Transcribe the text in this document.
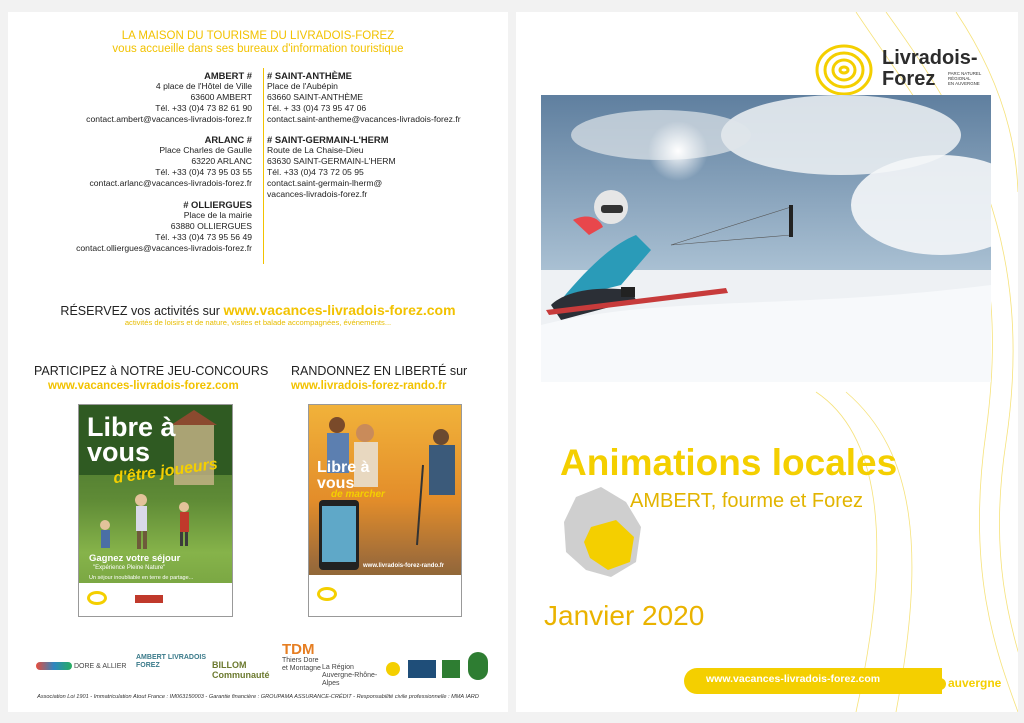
LA MAISON DU TOURISME DU LIVRADOIS-FOREZ
vous accueille dans ses bureaux d'information touristique
AMBERT #
4 place de l'Hôtel de Ville
63600 AMBERT
Tél. +33 (0)4 73 82 61 90
contact.ambert@vacances-livradois-forez.fr
ARLANC #
Place Charles de Gaulle
63220 ARLANC
Tél. +33 (0)4 73 95 03 55
contact.arlanc@vacances-livradois-forez.fr
# OLLIERGUES
Place de la mairie
63880 OLLIERGUES
Tél. +33 (0)4 73 95 56 49
contact.olliergues@vacances-livradois-forez.fr
# SAINT-ANTHÈME
Place de l'Aubépin
63660 SAINT-ANTHÈME
Tél. + 33 (0)4 73 95 47 06
contact.saint-antheme@vacances-livradois-forez.fr
# SAINT-GERMAIN-L'HERM
Route de La Chaise-Dieu
63630 SAINT-GERMAIN-L'HERM
Tél. +33 (0)4 73 72 05 95
contact.saint-germain-lherm@
vacances-livradois-forez.fr
RÉSERVEZ vos activités sur www.vacances-livradois-forez.com
activités de loisirs et de nature, visites et balade accompagnées, événements...
PARTICIPEZ à NOTRE JEU-CONCOURS
www.vacances-livradois-forez.com
RANDONNEZ EN LIBERTÉ sur
www.livradois-forez-rando.fr
Libre à
vous
d'être joueurs
Gagnez votre séjour
"Expérience Pleine Nature"
Un séjour inoubliable en terre de partage...
Libre à
vous
de marcher
www.livradois-forez-rando.fr
DORE & ALLIER
AMBERT LIVRADOIS FOREZ	BILLOM Communauté
TDM
Thiers Dore et Montagne La Région Auvergne-Rhône-Alpes
Association Loi 1901 - Immatriculation Atout France : IM063150003 - Garantie financière : GROUPAMA ASSURANCE-CRÉDIT - Responsabilité civile professionnelle : MMA IARD
Livradois-
Forez	PARC NATUREL
RÉGIONAL
EN AUVERGNE
Animations locales
AMBERT, fourme et Forez
Janvier 2020
www.vacances-livradois-forez.com	auvergne
